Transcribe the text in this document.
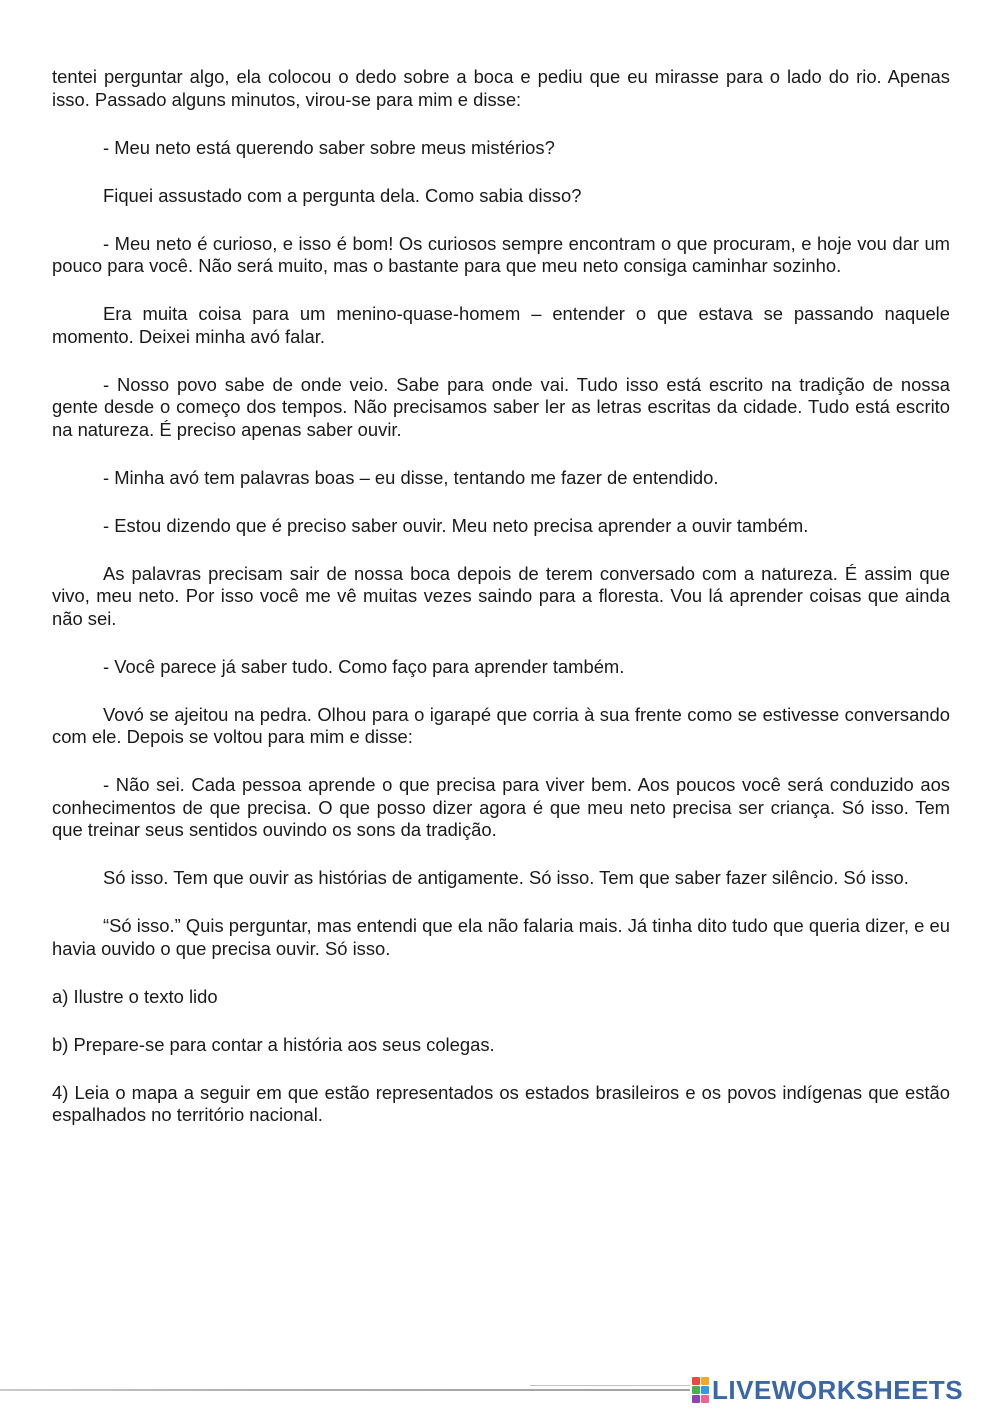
tentei perguntar algo, ela colocou o dedo sobre a boca e pediu que eu mirasse para o lado do rio. Apenas isso. Passado alguns minutos, virou-se para mim e disse:

- Meu neto está querendo saber sobre meus mistérios?

Fiquei assustado com a pergunta dela. Como sabia disso?

- Meu neto é curioso, e isso é bom! Os curiosos sempre encontram o que procuram, e hoje vou dar um pouco para você. Não será muito, mas o bastante para que meu neto consiga caminhar sozinho.

Era muita coisa para um menino-quase-homem – entender o que estava se passando naquele momento. Deixei minha avó falar.

- Nosso povo sabe de onde veio. Sabe para onde vai. Tudo isso está escrito na tradição de nossa gente desde o começo dos tempos. Não precisamos saber ler as letras escritas da cidade. Tudo está escrito na natureza. É preciso apenas saber ouvir.

- Minha avó tem palavras boas – eu disse, tentando me fazer de entendido.

- Estou dizendo que é preciso saber ouvir. Meu neto precisa aprender a ouvir também.

As palavras precisam sair de nossa boca depois de terem conversado com a natureza. É assim que vivo, meu neto. Por isso você me vê muitas vezes saindo para a floresta. Vou lá aprender coisas que ainda não sei.

- Você parece já saber tudo. Como faço para aprender também.

Vovó se ajeitou na pedra. Olhou para o igarapé que corria à sua frente como se estivesse conversando com ele. Depois se voltou para mim e disse:

- Não sei. Cada pessoa aprende o que precisa para viver bem. Aos poucos você será conduzido aos conhecimentos de que precisa. O que posso dizer agora é que meu neto precisa ser criança. Só isso. Tem que treinar seus sentidos ouvindo os sons da tradição.

Só isso. Tem que ouvir as histórias de antigamente. Só isso. Tem que saber fazer silêncio. Só isso.

“Só isso.” Quis perguntar, mas entendi que ela não falaria mais. Já tinha dito tudo que queria dizer, e eu havia ouvido o que precisa ouvir. Só isso.

a) Ilustre o texto lido

b) Prepare-se para contar a história aos seus colegas.

4) Leia o mapa a seguir em que estão representados os estados brasileiros e os povos indígenas que estão espalhados no território nacional.

LIVEWORKSHEETS
